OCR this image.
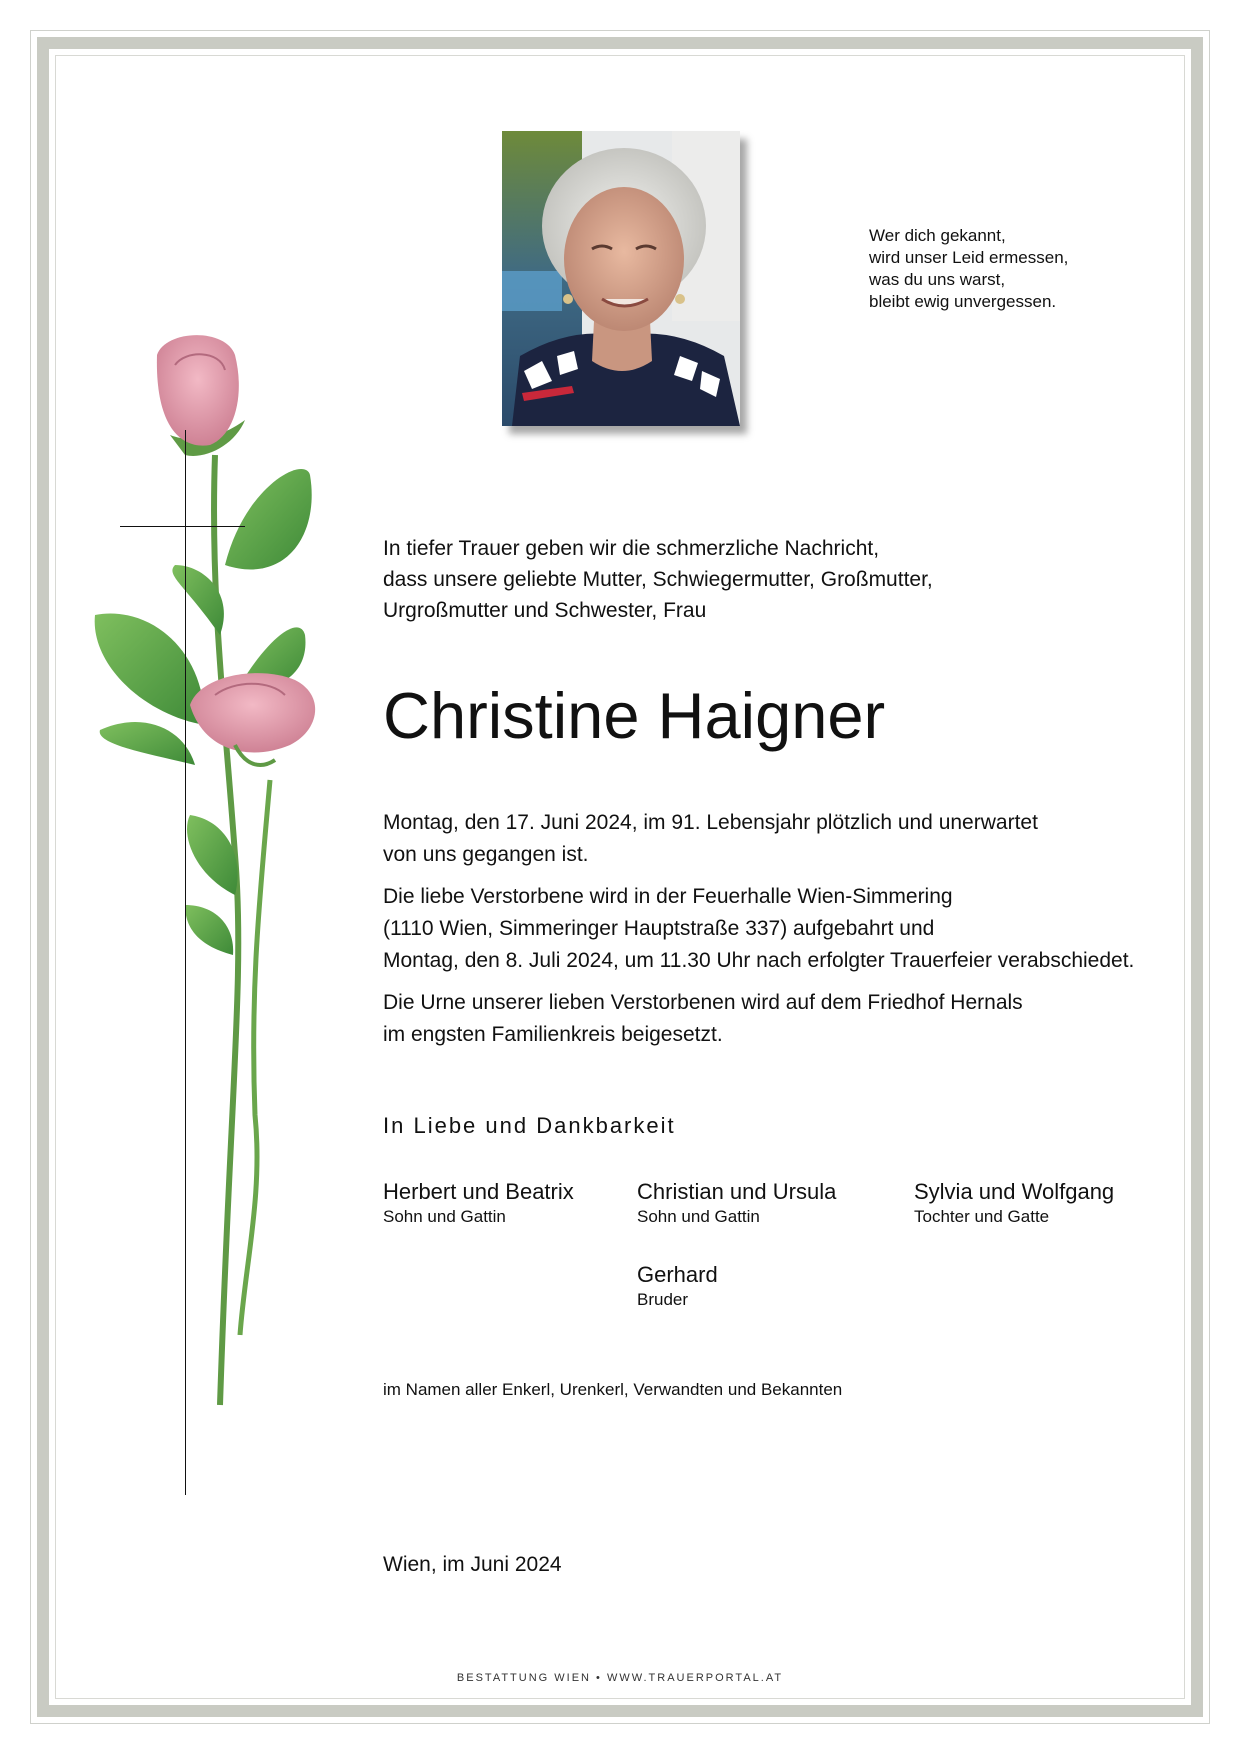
Wer dich gekannt,
wird unser Leid ermessen,
was du uns warst,
bleibt ewig unvergessen.
In tiefer Trauer geben wir die schmerzliche Nachricht,
dass unsere geliebte Mutter, Schwiegermutter, Großmutter,
Urgroßmutter und Schwester, Frau
Christine Haigner
Montag, den 17. Juni 2024, im 91. Lebensjahr plötzlich und unerwartet
von uns gegangen ist.
Die liebe Verstorbene wird in der Feuerhalle Wien-Simmering
(1110 Wien, Simmeringer Hauptstraße 337) aufgebahrt und
Montag, den 8. Juli 2024, um 11.30 Uhr nach erfolgter Trauerfeier verabschiedet.
Die Urne unserer lieben Verstorbenen wird auf dem Friedhof Hernals
im engsten Familienkreis beigesetzt.
In Liebe und Dankbarkeit
Herbert und Beatrix
Sohn und Gattin
Christian und Ursula
Sohn und Gattin
Sylvia und Wolfgang
Tochter und Gatte
Gerhard
Bruder
im Namen aller Enkerl, Urenkerl, Verwandten und Bekannten
Wien, im Juni 2024
BESTATTUNG WIEN • WWW.TRAUERPORTAL.AT
